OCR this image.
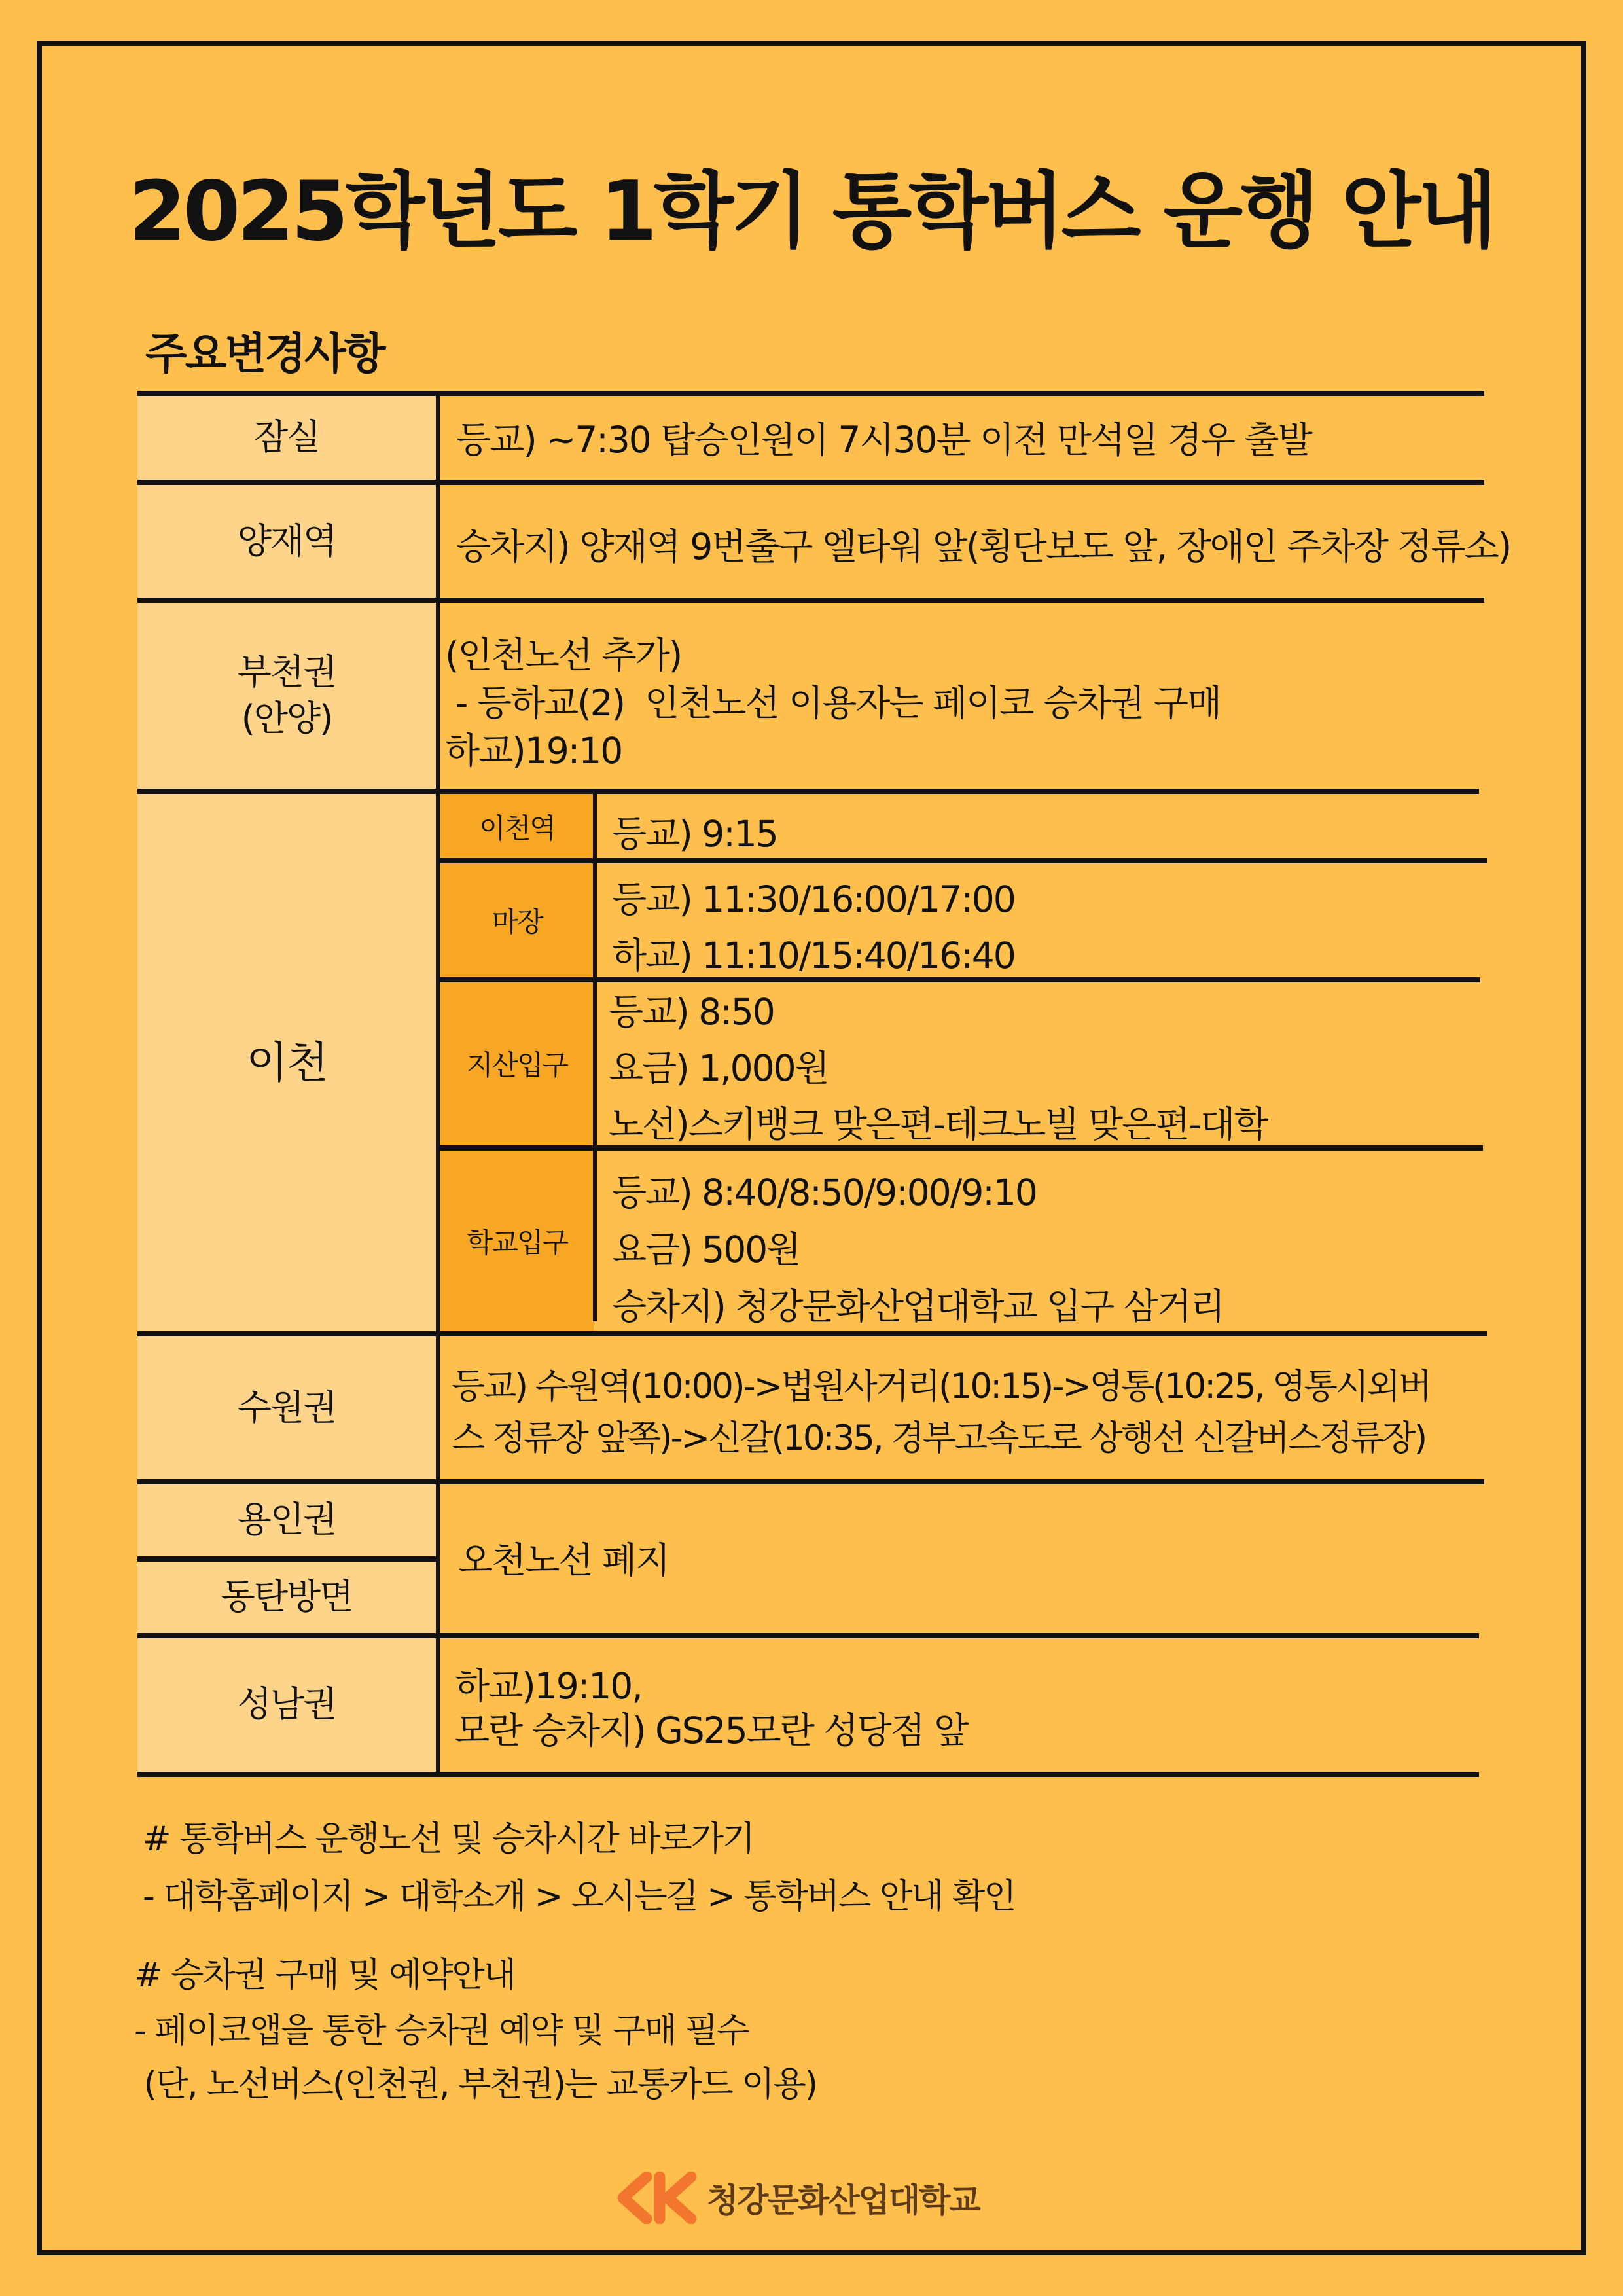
2025학년도 1학기 통학버스 운행 안내
주요변경사항
잠실
양재역
부천권
(안양)
이천
수원권
용인권
동탄방면
성남권
이천역
마장
지산입구
학교입구
등교) ~7:30 탑승인원이 7시30분 이전 만석일 경우 출발
승차지) 양재역 9번출구 엘타워 앞(횡단보도 앞, 장애인 주차장 정류소)
(인천노선 추가)
- 등하교(2)  인천노선 이용자는 페이코 승차권 구매
하교)19:10
등교) 9:15
등교) 11:30/16:00/17:00
하교) 11:10/15:40/16:40
등교) 8:50
요금) 1,000원
노선)스키뱅크 맞은편-테크노빌 맞은편-대학
등교) 8:40/8:50/9:00/9:10
요금) 500원
승차지) 청강문화산업대학교 입구 삼거리
등교) 수원역(10:00)->법원사거리(10:15)->영통(10:25, 영통시외버
스 정류장 앞쪽)->신갈(10:35, 경부고속도로 상행선 신갈버스정류장)
오천노선 폐지
하교)19:10,
모란 승차지) GS25모란 성당점 앞
# 통학버스 운행노선 및 승차시간 바로가기
- 대학홈페이지 > 대학소개 > 오시는길 > 통학버스 안내 확인
# 승차권 구매 및 예약안내
- 페이코앱을 통한 승차권 예약 및 구매 필수
(단, 노선버스(인천권, 부천권)는 교통카드 이용)
청강문화산업대학교
